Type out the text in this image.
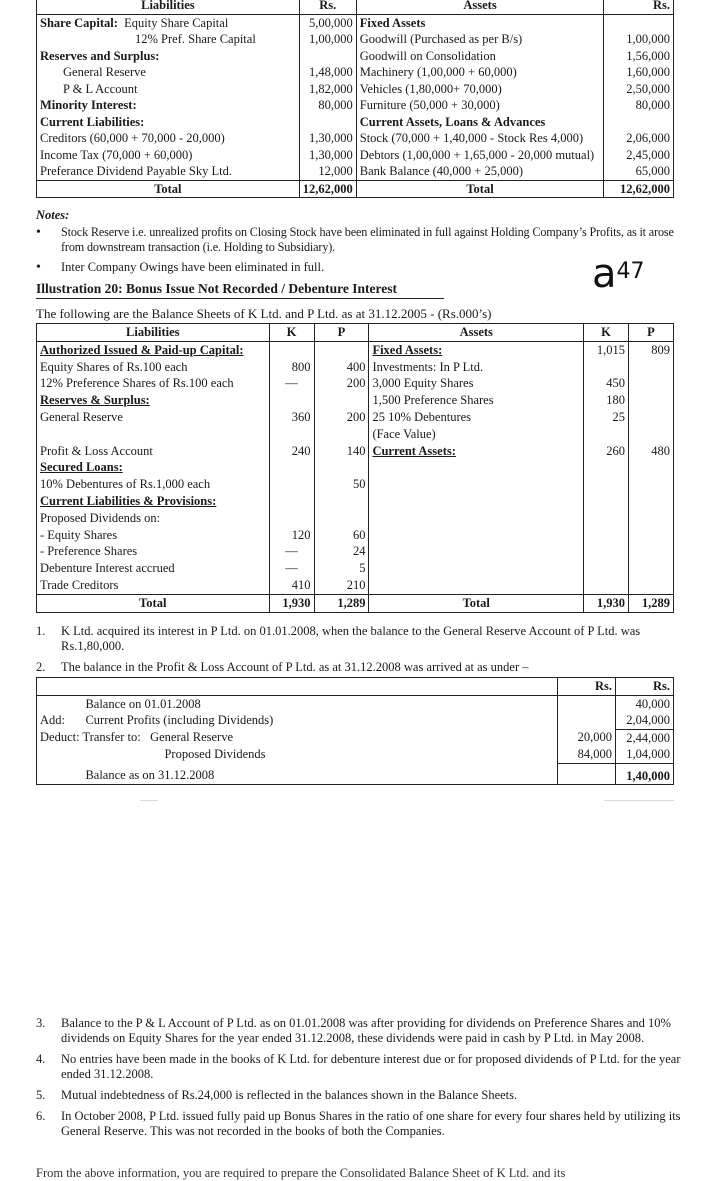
Liabilities	Rs.	Assets	Rs.
Share Capital:  Equity Share Capital	5,00,000	Fixed Assets	
12% Pref. Share Capital	1,00,000	Goodwill (Purchased as per B/s)	1,00,000
Reserves and Surplus:		Goodwill on Consolidation	1,56,000
General Reserve	1,48,000	Machinery (1,00,000 + 60,000)	1,60,000
P & L Account	1,82,000	Vehicles (1,80,000+ 70,000)	2,50,000
Minority Interest:	80,000	Furniture (50,000 + 30,000)	80,000
Current Liabilities:		Current Assets, Loans & Advances	
Creditors (60,000 + 70,000 - 20,000)	1,30,000	Stock (70,000 + 1,40,000 - Stock Res 4,000)	2,06,000
Income Tax (70,000 + 60,000)	1,30,000	Debtors (1,00,000 + 1,65,000 - 20,000 mutual)	2,45,000
Preferance Dividend Payable Sky Ltd.	12,000	Bank Balance (40,000 + 25,000)	65,000
Total	12,62,000	Total	12,62,000
Notes:
• Stock Reserve i.e. unrealized profits on Closing Stock have been eliminated in full against Holding Company’s Profits, as it arose from downstream transaction (i.e. Holding to Subsidiary).
• Inter Company Owings have been eliminated in full.	$a^{47}$
Illustration 20: Bonus Issue Not Recorded / Debenture Interest
The following are the Balance Sheets of K Ltd. and P Ltd. as at 31.12.2005 - (Rs.000’s)
Liabilities	K	P	Assets	K	P
Authorized Issued & Paid-up Capital:			Fixed Assets:	1,015	809
Equity Shares of Rs.100 each	800	400	Investments: In P Ltd.		
12% Preference Shares of Rs.100 each	—	200	3,000 Equity Shares	450	
Reserves & Surplus:			1,500 Preference Shares	180	
General Reserve	360	200	25 10% Debentures	25	
			(Face Value)		
Profit & Loss Account	240	140	Current Assets:	260	480
Secured Loans:					
10% Debentures of Rs.1,000 each		50			
Current Liabilities & Provisions:					
Proposed Dividends on:					
- Equity Shares	120	60			
- Preference Shares	—	24			
Debenture Interest accrued	—	5			
Trade Creditors	410	210			
Total	1,930	1,289	Total	1,930	1,289
1. K Ltd. acquired its interest in P Ltd. on 01.01.2008, when the balance to the General Reserve Account of P Ltd. was Rs.1,80,000.
2. The balance in the Profit & Loss Account of P Ltd. as at 31.12.2008 was arrived at as under –
		Rs.	Rs.
	Balance on 01.01.2008		40,000
Add:	Current Profits (including Dividends)		2,04,000
Deduct: Transfer to:   General Reserve		20,000	2,44,000
	Proposed Dividends	84,000	1,04,000
	Balance as on 31.12.2008		1,40,000
3. Balance to the P & L Account of P Ltd. as on 01.01.2008 was after providing for dividends on Preference Shares and 10% dividends on Equity Shares for the year ended 31.12.2008, these dividends were paid in cash by P Ltd. in May 2008.
4. No entries have been made in the books of K Ltd. for debenture interest due or for proposed dividends of P Ltd. for the year ended 31.12.2008.
5. Mutual indebtedness of Rs.24,000 is reflected in the balances shown in the Balance Sheets.
6. In October 2008, P Ltd. issued fully paid up Bonus Shares in the ratio of one share for every four shares held by utilizing its General Reserve. This was not recorded in the books of both the Companies.
From the above information, you are required to prepare the Consolidated Balance Sheet of K Ltd. and its
